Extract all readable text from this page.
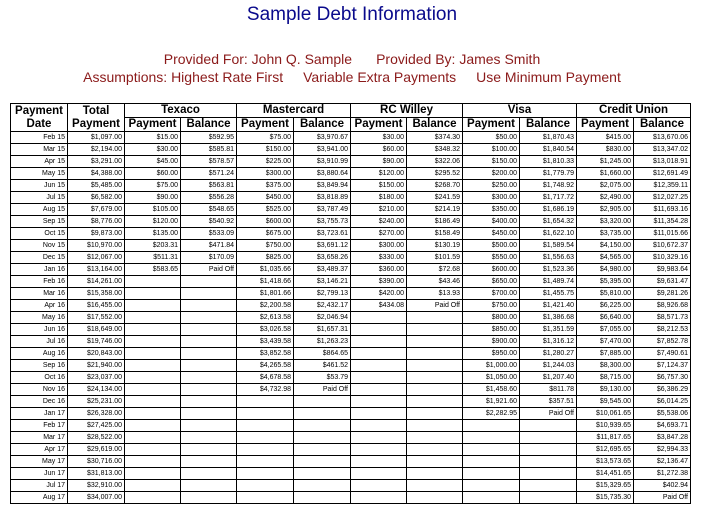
Sample Debt Information
Provided For: John Q. Sample Provided By: James Smith
Assumptions: Highest Rate First Variable Extra Payments Use Minimum Payment
Payment
Date	Total
Payment	Texaco		Mastercard		RC Willey		Visa		Credit Union	
		Payment	Balance	Payment	Balance	Payment	Balance	Payment	Balance	Payment	Balance
Feb 15	$1,097.00	$15.00	$592.95	$75.00	$3,970.67	$30.00	$374.30	$50.00	$1,870.43	$415.00	$13,670.06
Mar 15	$2,194.00	$30.00	$585.81	$150.00	$3,941.00	$60.00	$348.32	$100.00	$1,840.54	$830.00	$13,347.02
Apr 15	$3,291.00	$45.00	$578.57	$225.00	$3,910.99	$90.00	$322.06	$150.00	$1,810.33	$1,245.00	$13,018.91
May 15	$4,388.00	$60.00	$571.24	$300.00	$3,880.64	$120.00	$295.52	$200.00	$1,779.79	$1,660.00	$12,691.49
Jun 15	$5,485.00	$75.00	$563.81	$375.00	$3,849.94	$150.00	$268.70	$250.00	$1,748.92	$2,075.00	$12,359.11
Jul 15	$6,582.00	$90.00	$556.28	$450.00	$3,818.89	$180.00	$241.59	$300.00	$1,717.72	$2,490.00	$12,027.25
Aug 15	$7,679.00	$105.00	$548.65	$525.00	$3,787.49	$210.00	$214.19	$350.00	$1,686.19	$2,905.00	$11,693.16
Sep 15	$8,776.00	$120.00	$540.92	$600.00	$3,755.73	$240.00	$186.49	$400.00	$1,654.32	$3,320.00	$11,354.28
Oct 15	$9,873.00	$135.00	$533.09	$675.00	$3,723.61	$270.00	$158.49	$450.00	$1,622.10	$3,735.00	$11,015.66
Nov 15	$10,970.00	$203.31	$471.84	$750.00	$3,691.12	$300.00	$130.19	$500.00	$1,589.54	$4,150.00	$10,672.37
Dec 15	$12,067.00	$511.31	$170.09	$825.00	$3,658.26	$330.00	$101.59	$550.00	$1,556.63	$4,565.00	$10,329.16
Jan 16	$13,164.00	$583.65	Paid Off	$1,035.66	$3,489.37	$360.00	$72.68	$600.00	$1,523.36	$4,980.00	$9,983.64
Feb 16	$14,261.00			$1,418.66	$3,146.21	$390.00	$43.46	$650.00	$1,489.74	$5,395.00	$9,631.47
Mar 16	$15,358.00			$1,801.66	$2,799.13	$420.00	$13.93	$700.00	$1,455.75	$5,810.00	$9,281.26
Apr 16	$16,455.00			$2,200.58	$2,432.17	$434.08	Paid Off	$750.00	$1,421.40	$6,225.00	$8,926.68
May 16	$17,552.00			$2,613.58	$2,046.94			$800.00	$1,386.68	$6,640.00	$8,571.73
Jun 16	$18,649.00			$3,026.58	$1,657.31			$850.00	$1,351.59	$7,055.00	$8,212.53
Jul 16	$19,746.00			$3,439.58	$1,263.23			$900.00	$1,316.12	$7,470.00	$7,852.78
Aug 16	$20,843.00			$3,852.58	$864.65			$950.00	$1,280.27	$7,885.00	$7,490.61
Sep 16	$21,940.00			$4,265.58	$461.52			$1,000.00	$1,244.03	$8,300.00	$7,124.37
Oct 16	$23,037.00			$4,678.58	$53.79			$1,050.00	$1,207.40	$8,715.00	$6,757.30
Nov 16	$24,134.00			$4,732.98	Paid Off			$1,458.60	$811.78	$9,130.00	$6,386.29
Dec 16	$25,231.00							$1,921.60	$357.51	$9,545.00	$6,014.25
Jan 17	$26,328.00							$2,282.95	Paid Off	$10,061.65	$5,538.06
Feb 17	$27,425.00									$10,939.65	$4,693.71
Mar 17	$28,522.00									$11,817.65	$3,847.28
Apr 17	$29,619.00									$12,695.65	$2,994.33
May 17	$30,716.00									$13,573.65	$2,136.47
Jun 17	$31,813.00									$14,451.65	$1,272.38
Jul 17	$32,910.00									$15,329.65	$402.94
Aug 17	$34,007.00									$15,735.30	Paid Off
